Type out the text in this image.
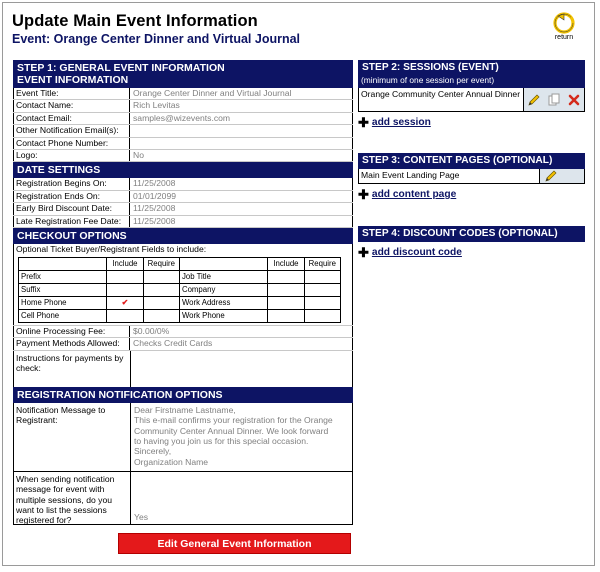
Update Main Event Information
Event: Orange Center Dinner and Virtual Journal	return
STEP 1: GENERAL EVENT INFORMATION
EVENT INFORMATION
Event Title:	Orange Center Dinner and Virtual Journal
Contact Name:	Rich Levitas
Contact Email:	samples@wizevents.com
Other Notification Email(s):
Contact Phone Number:
Logo:	No
DATE SETTINGS
Registration Begins On:	11/25/2008
Registration Ends On:	01/01/2099
Early Bird Discount Date:	11/25/2008
Late Registration Fee Date:	11/25/2008
CHECKOUT OPTIONS
Optional Ticket Buyer/Registrant Fields to include:
	Include	Require		Include	Require
Prefix			Job Title		
Suffix			Company		
Home Phone	✔		Work Address		
Cell Phone			Work Phone		
Online Processing Fee:	$0.00/0%
Payment Methods Allowed:	Checks Credit Cards
Instructions for payments by check:
REGISTRATION NOTIFICATION OPTIONS
Notification Message to Registrant:
Dear Firstname Lastname,
This e-mail confirms your registration for the Orange
Community Center Annual Dinner. We look forward
to having you join us for this special occasion.
Sincerely,
Organization Name
When sending notification message for event with multiple sessions, do you want to list the sessions registered for?	Yes
Edit General Event Information
STEP 2: SESSIONS (EVENT)
(minimum of one session per event)
Orange Community Center Annual Dinner
✚ add session
STEP 3: CONTENT PAGES (OPTIONAL)
Main Event Landing Page
✚ add content page
STEP 4: DISCOUNT CODES (OPTIONAL)
✚ add discount code
